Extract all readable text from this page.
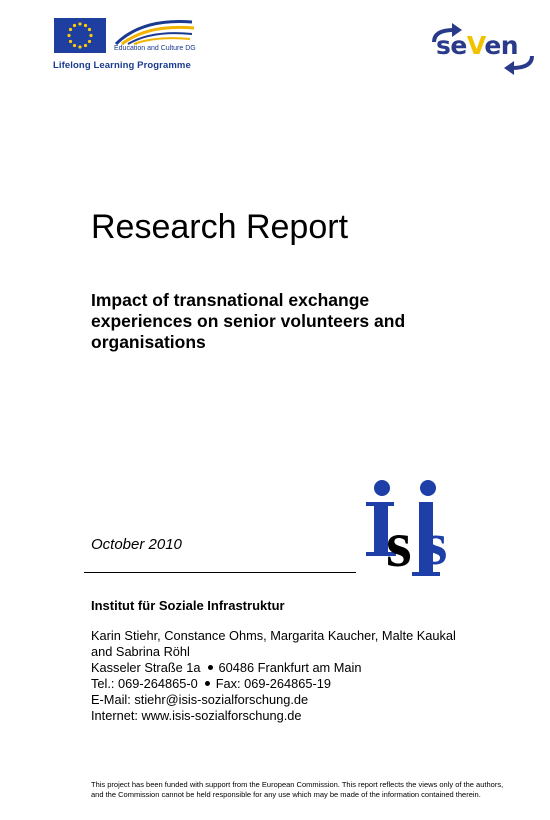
Education and Culture DG
Lifelong Learning Programme
seVen
Research Report
Impact of transnational exchange experiences on senior volunteers and organisations
s s
October 2010
Institut für Soziale Infrastruktur
Karin Stiehr, Constance Ohms, Margarita Kaucher, Malte Kaukal
and Sabrina Röhl
Kasseler Straße 1a 60486 Frankfurt am Main
Tel.: 069-264865-0 Fax: 069-264865-19
E-Mail: stiehr@isis-sozialforschung.de
Internet: www.isis-sozialforschung.de
This project has been funded with support from the European Commission. This report reflects the views only of the authors, and the Commission cannot be held responsible for any use which may be made of the information contained therein.
